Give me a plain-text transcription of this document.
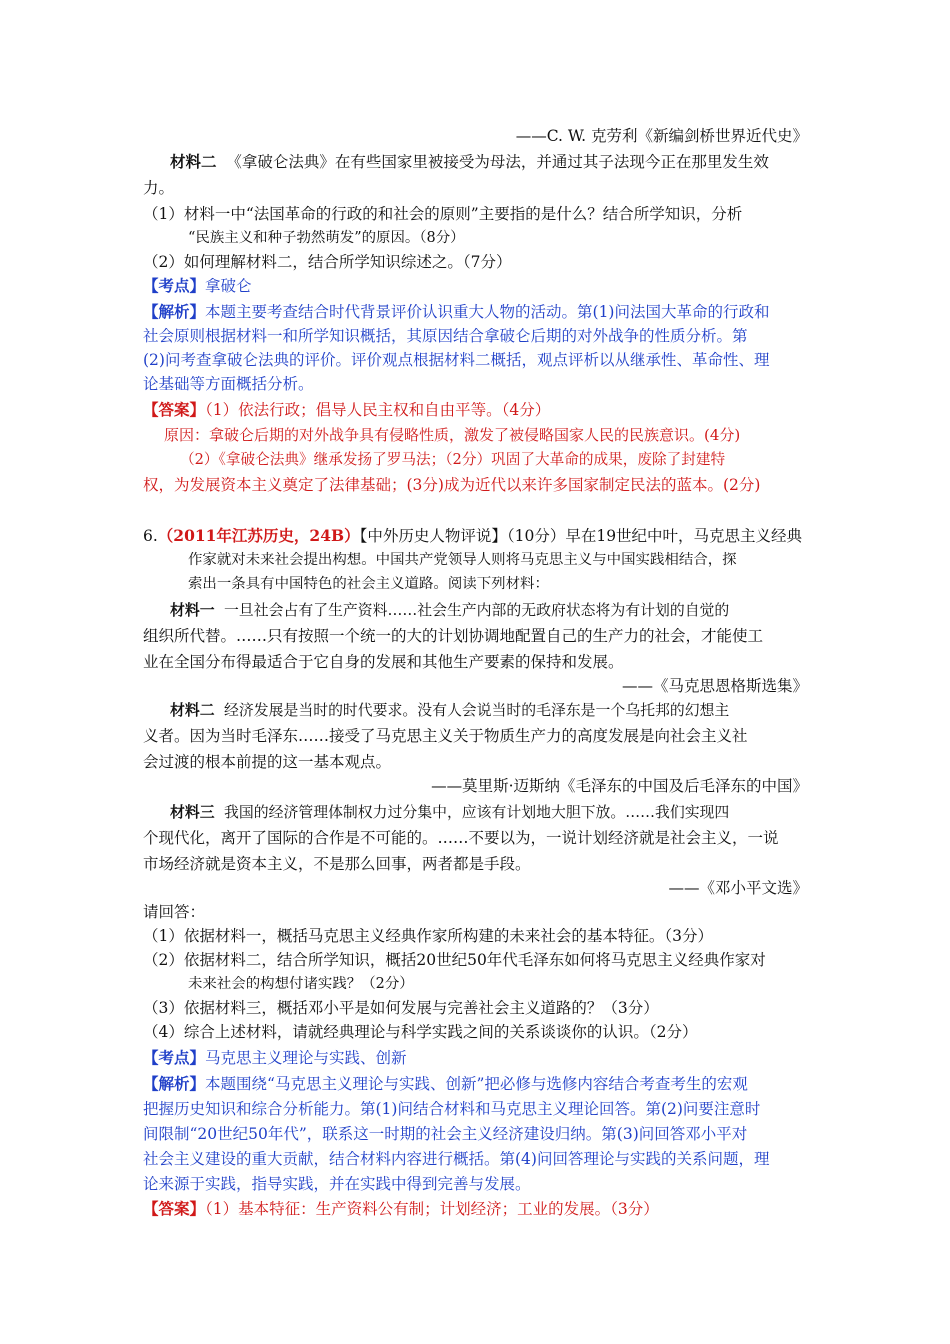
——C. W. 克劳利《新编剑桥世界近代史》
材料二 《拿破仑法典》在有些国家里被接受为母法，并通过其子法现今正在那里发生效
力。
（1）材料一中“法国革命的行政的和社会的原则”主要指的是什么？结合所学知识，分析
“民族主义和种子勃然萌发”的原因。（8分）
（2）如何理解材料二，结合所学知识综述之。（7分）
【考点】拿破仑
【解析】本题主要考查结合时代背景评价认识重大人物的活动。第(1)问法国大革命的行政和
社会原则根据材料一和所学知识概括，其原因结合拿破仑后期的对外战争的性质分析。第
(2)问考查拿破仑法典的评价。评价观点根据材料二概括，观点评析以从继承性、革命性、理
论基础等方面概括分析。
【答案】（1）依法行政；倡导人民主权和自由平等。（4分）
原因：拿破仑后期的对外战争具有侵略性质，激发了被侵略国家人民的民族意识。(4分)
（2）《拿破仑法典》继承发扬了罗马法；（2分）巩固了大革命的成果，废除了封建特
权，为发展资本主义奠定了法律基础；(3分)成为近代以来许多国家制定民法的蓝本。(2分)
6.（2011年江苏历史，24B）【中外历史人物评说】（10分）早在19世纪中叶，马克思主义经典
作家就对未来社会提出构想。中国共产党领导人则将马克思主义与中国实践相结合，探
索出一条具有中国特色的社会主义道路。阅读下列材料：
材料一 一旦社会占有了生产资料……社会生产内部的无政府状态将为有计划的自觉的
组织所代替。……只有按照一个统一的大的计划协调地配置自己的生产力的社会，才能使工
业在全国分布得最适合于它自身的发展和其他生产要素的保持和发展。
——《马克思恩格斯选集》
材料二 经济发展是当时的时代要求。没有人会说当时的毛泽东是一个乌托邦的幻想主
义者。因为当时毛泽东……接受了马克思主义关于物质生产力的高度发展是向社会主义社
会过渡的根本前提的这一基本观点。
——莫里斯·迈斯纳《毛泽东的中国及后毛泽东的中国》
材料三 我国的经济管理体制权力过分集中，应该有计划地大胆下放。……我们实现四
个现代化，离开了国际的合作是不可能的。……不要以为，一说计划经济就是社会主义，一说
市场经济就是资本主义，不是那么回事，两者都是手段。
——《邓小平文选》
请回答：
（1）依据材料一，概括马克思主义经典作家所构建的未来社会的基本特征。（3分）
（2）依据材料二，结合所学知识，概括20世纪50年代毛泽东如何将马克思主义经典作家对
未来社会的构想付诸实践？（2分）
（3）依据材料三，概括邓小平是如何发展与完善社会主义道路的？（3分）
（4）综合上述材料，请就经典理论与科学实践之间的关系谈谈你的认识。（2分）
【考点】马克思主义理论与实践、创新
【解析】本题围绕“马克思主义理论与实践、创新”把必修与选修内容结合考查考生的宏观
把握历史知识和综合分析能力。第(1)问结合材料和马克思主义理论回答。第(2)问要注意时
间限制“20世纪50年代”，联系这一时期的社会主义经济建设归纳。第(3)问回答邓小平对
社会主义建设的重大贡献，结合材料内容进行概括。第(4)问回答理论与实践的关系问题，理
论来源于实践，指导实践，并在实践中得到完善与发展。
【答案】（1）基本特征：生产资料公有制；计划经济；工业的发展。（3分）
